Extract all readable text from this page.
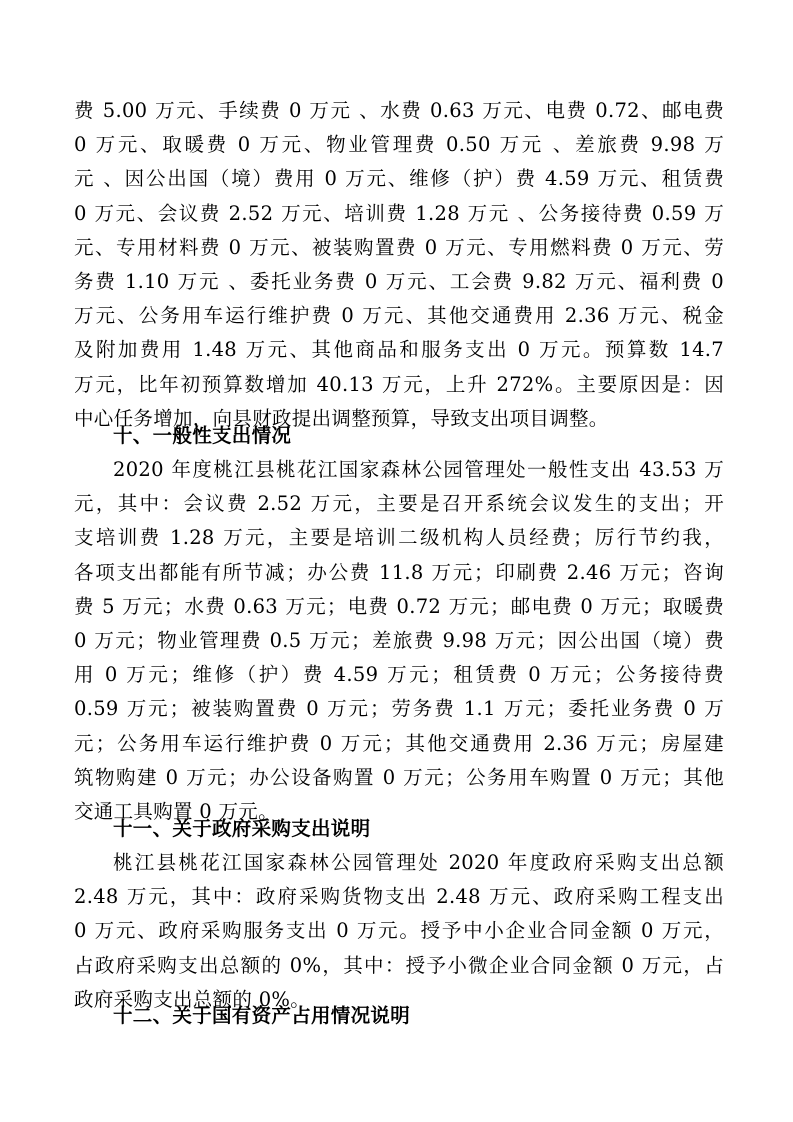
费 5.00 万元、手续费 0 万元 、水费 0.63 万元、电费 0.72、邮电费
0 万元、取暖费 0 万元、物业管理费 0.50 万元 、差旅费 9.98 万
元 、因公出国（境）费用 0 万元、维修（护）费 4.59 万元、租赁费
0 万元、会议费 2.52 万元、培训费 1.28 万元 、公务接待费 0.59 万
元、专用材料费 0 万元、被装购置费 0 万元、专用燃料费 0 万元、劳
务费 1.10 万元 、委托业务费 0 万元、工会费 9.82 万元、福利费 0
万元、公务用车运行维护费 0 万元、其他交通费用 2.36 万元、税金
及附加费用 1.48 万元、其他商品和服务支出 0 万元。预算数 14.7
万元，比年初预算数增加 40.13 万元，上升 272%。主要原因是：因
中心任务增加，向县财政提出调整预算，导致支出项目调整。
十、一般性支出情况
2020 年度桃江县桃花江国家森林公园管理处一般性支出 43.53 万
元，其中：会议费 2.52 万元，主要是召开系统会议发生的支出；开
支培训费 1.28 万元，主要是培训二级机构人员经费；厉行节约我，
各项支出都能有所节减；办公费 11.8 万元；印刷费 2.46 万元；咨询
费 5 万元；水费 0.63 万元；电费 0.72 万元；邮电费 0 万元；取暖费
0 万元；物业管理费 0.5 万元；差旅费 9.98 万元；因公出国（境）费
用 0 万元；维修（护）费 4.59 万元；租赁费 0 万元；公务接待费
0.59 万元；被装购置费 0 万元；劳务费 1.1 万元；委托业务费 0 万
元；公务用车运行维护费 0 万元；其他交通费用 2.36 万元；房屋建
筑物购建 0 万元；办公设备购置 0 万元；公务用车购置 0 万元；其他
交通工具购置 0 万元。
十一、关于政府采购支出说明
桃江县桃花江国家森林公园管理处 2020 年度政府采购支出总额
2.48 万元，其中：政府采购货物支出 2.48 万元、政府采购工程支出
0 万元、政府采购服务支出 0 万元。授予中小企业合同金额 0 万元，
占政府采购支出总额的 0%，其中：授予小微企业合同金额 0 万元，占
政府采购支出总额的 0%。
十二、关于国有资产占用情况说明
